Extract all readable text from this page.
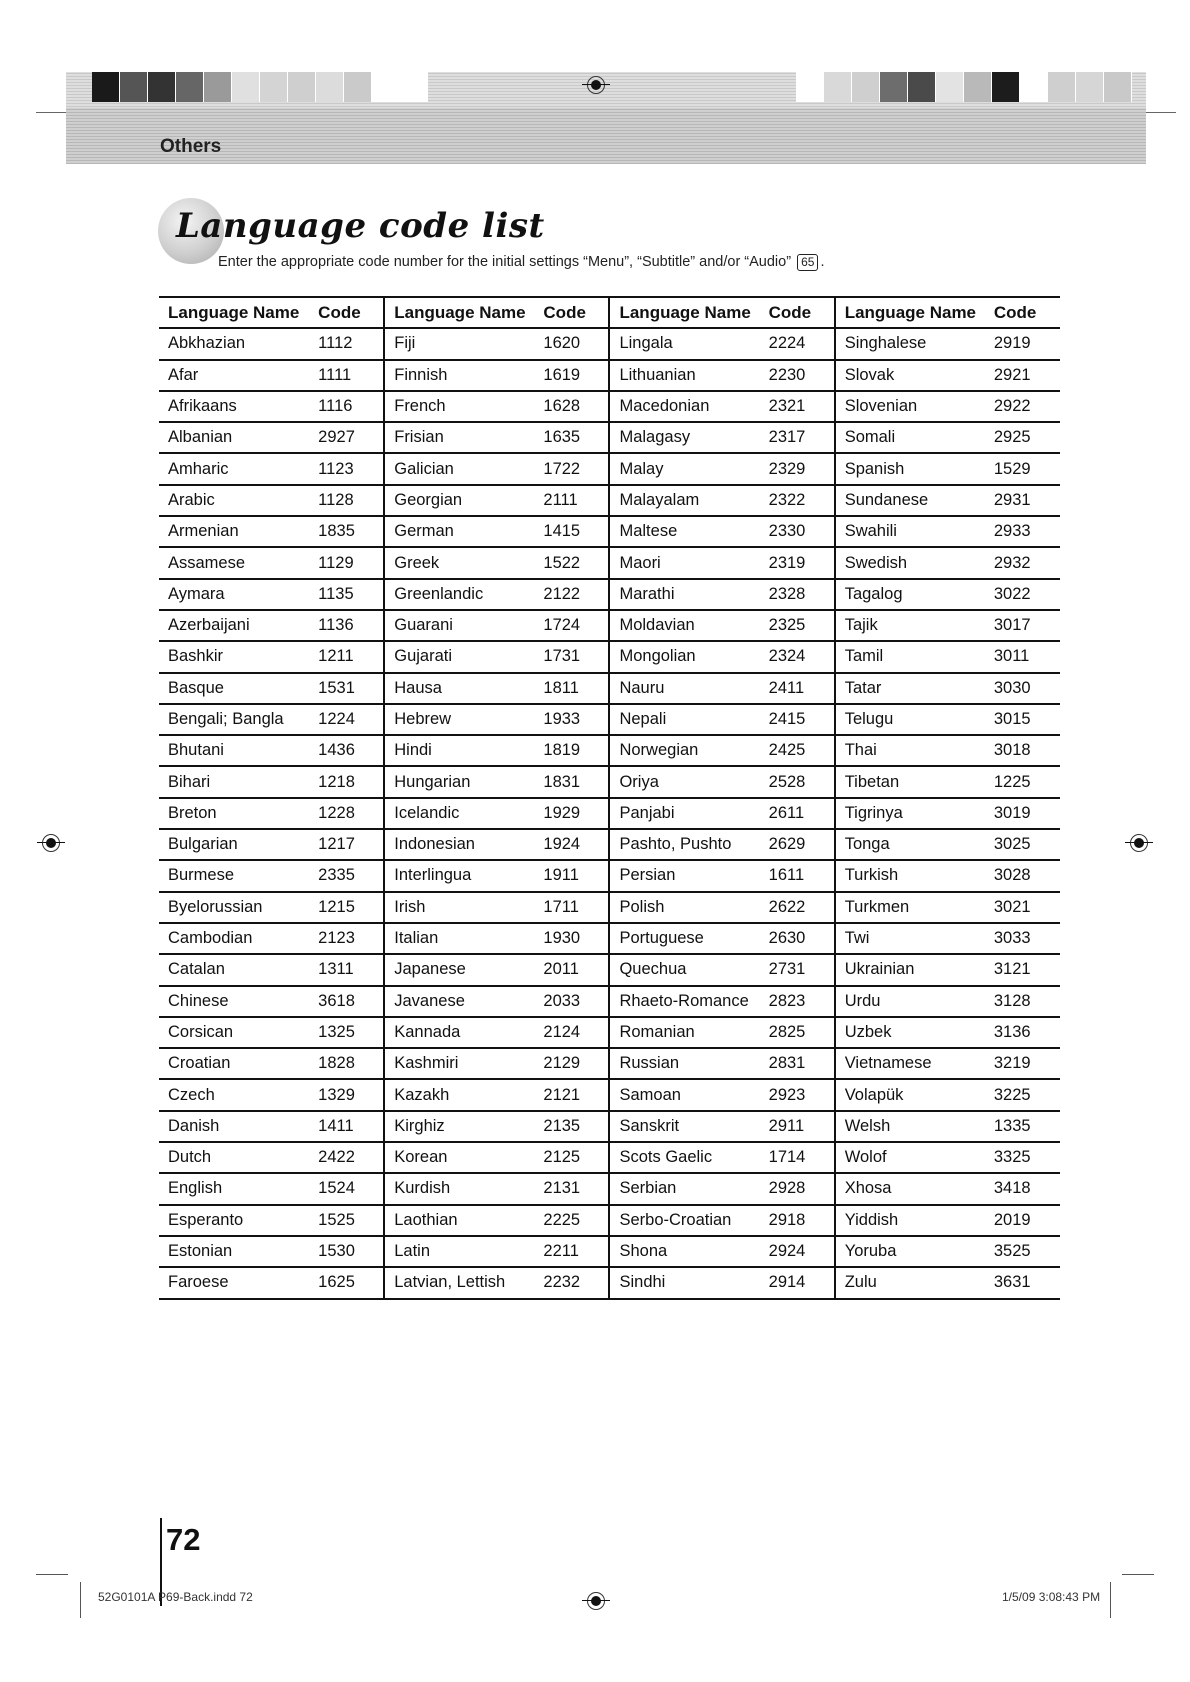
Others
Language code list
Enter the appropriate code number for the initial settings “Menu”, “Subtitle” and/or “Audio” 65 .
Language Name	Code	Language Name	Code	Language Name	Code	Language Name	Code
Abkhazian	1112	Fiji	1620	Lingala	2224	Singhalese	2919
Afar	1111	Finnish	1619	Lithuanian	2230	Slovak	2921
Afrikaans	1116	French	1628	Macedonian	2321	Slovenian	2922
Albanian	2927	Frisian	1635	Malagasy	2317	Somali	2925
Amharic	1123	Galician	1722	Malay	2329	Spanish	1529
Arabic	1128	Georgian	2111	Malayalam	2322	Sundanese	2931
Armenian	1835	German	1415	Maltese	2330	Swahili	2933
Assamese	1129	Greek	1522	Maori	2319	Swedish	2932
Aymara	1135	Greenlandic	2122	Marathi	2328	Tagalog	3022
Azerbaijani	1136	Guarani	1724	Moldavian	2325	Tajik	3017
Bashkir	1211	Gujarati	1731	Mongolian	2324	Tamil	3011
Basque	1531	Hausa	1811	Nauru	2411	Tatar	3030
Bengali; Bangla	1224	Hebrew	1933	Nepali	2415	Telugu	3015
Bhutani	1436	Hindi	1819	Norwegian	2425	Thai	3018
Bihari	1218	Hungarian	1831	Oriya	2528	Tibetan	1225
Breton	1228	Icelandic	1929	Panjabi	2611	Tigrinya	3019
Bulgarian	1217	Indonesian	1924	Pashto, Pushto	2629	Tonga	3025
Burmese	2335	Interlingua	1911	Persian	1611	Turkish	3028
Byelorussian	1215	Irish	1711	Polish	2622	Turkmen	3021
Cambodian	2123	Italian	1930	Portuguese	2630	Twi	3033
Catalan	1311	Japanese	2011	Quechua	2731	Ukrainian	3121
Chinese	3618	Javanese	2033	Rhaeto-Romance	2823	Urdu	3128
Corsican	1325	Kannada	2124	Romanian	2825	Uzbek	3136
Croatian	1828	Kashmiri	2129	Russian	2831	Vietnamese	3219
Czech	1329	Kazakh	2121	Samoan	2923	Volapük	3225
Danish	1411	Kirghiz	2135	Sanskrit	2911	Welsh	1335
Dutch	2422	Korean	2125	Scots Gaelic	1714	Wolof	3325
English	1524	Kurdish	2131	Serbian	2928	Xhosa	3418
Esperanto	1525	Laothian	2225	Serbo-Croatian	2918	Yiddish	2019
Estonian	1530	Latin	2211	Shona	2924	Yoruba	3525
Faroese	1625	Latvian, Lettish	2232	Sindhi	2914	Zulu	3631
72
52G0101A P69-Back.indd 72	1/5/09 3:08:43 PM
